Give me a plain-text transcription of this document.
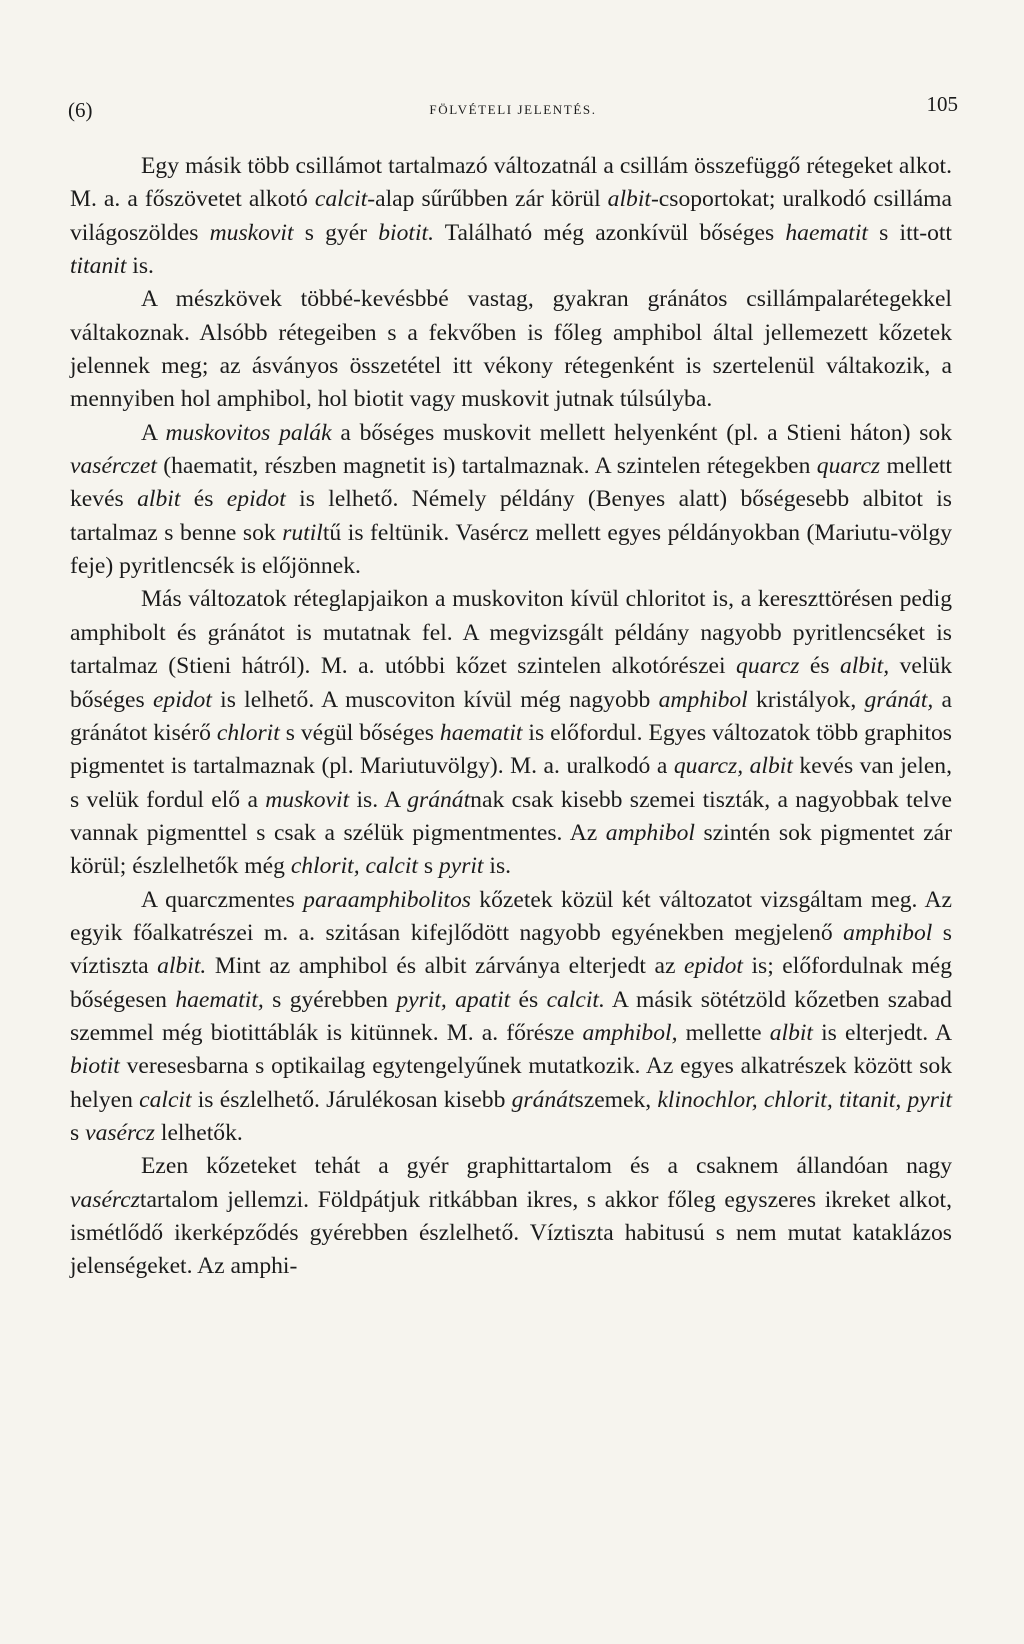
(6)	FÖLVÉTELI JELENTÉS.	105

Egy másik több csillámot tartalmazó változatnál a csillám összefüggő rétegeket alkot. M. a. a főszövetet alkotó calcit-alap sűrűbben zár körül albit-csoportokat; uralkodó csilláma világoszöldes muskovit s gyér biotit. Található még azonkívül bőséges haematit s itt-ott titanit is.

A mészkövek többé-kevésbbé vastag, gyakran gránátos csillámpalarétegekkel váltakoznak. Alsóbb rétegeiben s a fekvőben is főleg amphibol által jellemezett kőzetek jelennek meg; az ásványos összetétel itt vékony rétegenként is szertelenül váltakozik, a mennyiben hol amphibol, hol biotit vagy muskovit jutnak túlsúlyba.

A muskovitos palák a bőséges muskovit mellett helyenként (pl. a Stieni háton) sok vasérczet (haematit, részben magnetit is) tartalmaznak. A szintelen rétegekben quarcz mellett kevés albit és epidot is lelhető. Némely példány (Benyes alatt) bőségesebb albitot is tartalmaz s benne sok rutiltű is feltünik. Vasércz mellett egyes példányokban (Mariutu-völgy feje) pyritlencsék is előjönnek.

Más változatok réteglapjaikon a muskoviton kívül chloritot is, a kereszttörésen pedig amphibolt és gránátot is mutatnak fel. A megvizsgált példány nagyobb pyritlencséket is tartalmaz (Stieni hátról). M. a. utóbbi kőzet szintelen alkotórészei quarcz és albit, velük bőséges epidot is lelhető. A muscoviton kívül még nagyobb amphibol kristályok, gránát, a gránátot kisérő chlorit s végül bőséges haematit is előfordul. Egyes változatok több graphitos pigmentet is tartalmaznak (pl. Mariutuvölgy). M. a. uralkodó a quarcz, albit kevés van jelen, s velük fordul elő a muskovit is. A gránátnak csak kisebb szemei tiszták, a nagyobbak telve vannak pigmenttel s csak a szélük pigmentmentes. Az amphibol szintén sok pigmentet zár körül; észlelhetők még chlorit, calcit s pyrit is.

A quarczmentes paraamphibolitos kőzetek közül két változatot vizsgáltam meg. Az egyik főalkatrészei m. a. szitásan kifejlődött nagyobb egyénekben megjelenő amphibol s víztiszta albit. Mint az amphibol és albit zárványa elterjedt az epidot is; előfordulnak még bőségesen haematit, s gyérebben pyrit, apatit és calcit. A másik sötétzöld kőzetben szabad szemmel még biotittáblák is kitünnek. M. a. főrésze amphibol, mellette albit is elterjedt. A biotit veresesbarna s optikailag egytengelyűnek mutatkozik. Az egyes alkatrészek között sok helyen calcit is észlelhető. Járulékosan kisebb gránátszemek, klinochlor, chlorit, titanit, pyrit s vasércz lelhetők.

Ezen kőzeteket tehát a gyér graphittartalom és a csaknem állandóan nagy vasércztartalom jellemzi. Földpátjuk ritkábban ikres, s akkor főleg egyszeres ikreket alkot, ismétlődő ikerképződés gyérebben észlelhető. Víztiszta habitusú s nem mutat kataklázos jelenségeket. Az amphi-
